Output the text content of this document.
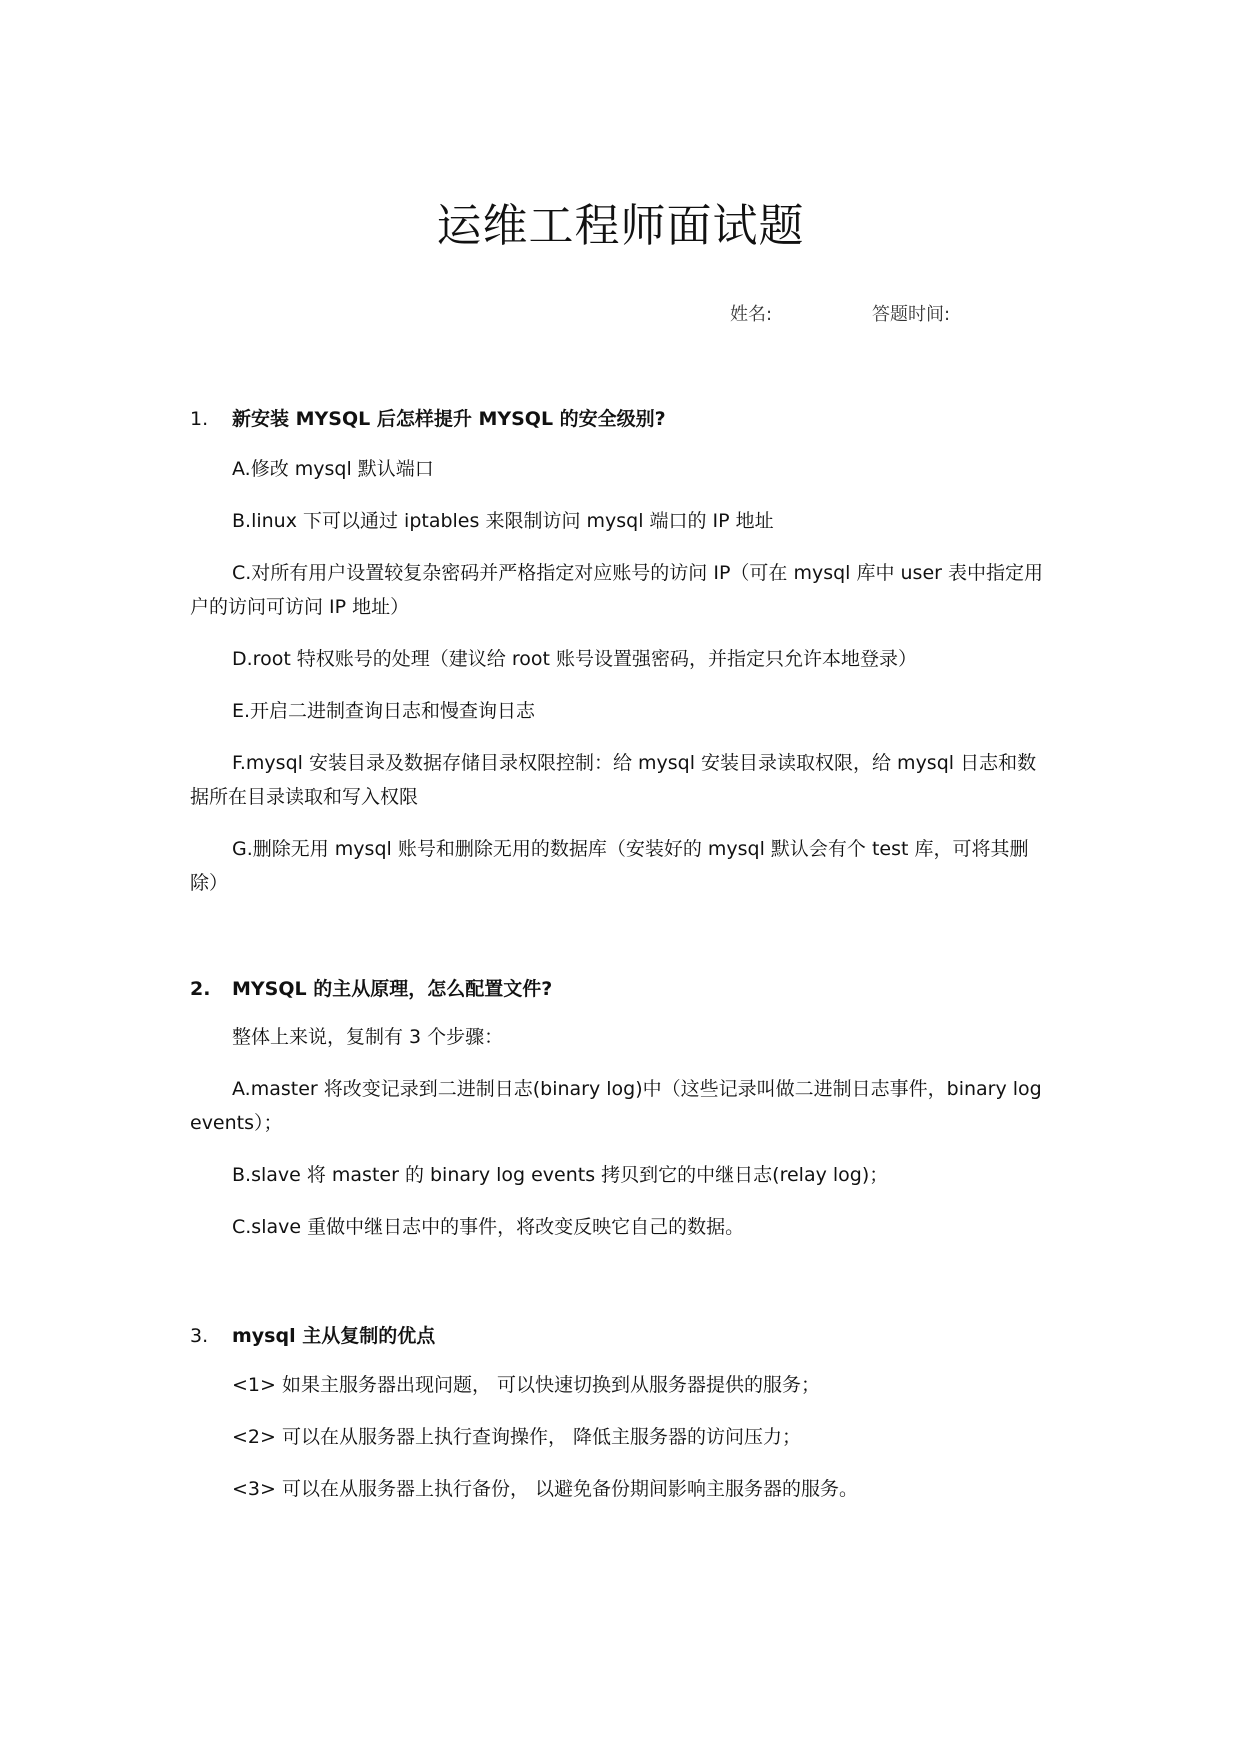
运维工程师面试题
姓名:	答题时间:
1. 新安装 MYSQL 后怎样提升 MYSQL 的安全级别?
A.修改 mysql 默认端口
B.linux 下可以通过 iptables 来限制访问 mysql 端口的 IP 地址
C.对所有用户设置较复杂密码并严格指定对应账号的访问 IP（可在 mysql 库中 user 表中指定用户的访问可访问 IP 地址）
D.root 特权账号的处理（建议给 root 账号设置强密码，并指定只允许本地登录）
E.开启二进制查询日志和慢查询日志
F.mysql 安装目录及数据存储目录权限控制：给 mysql 安装目录读取权限，给 mysql 日志和数据所在目录读取和写入权限
G.删除无用 mysql 账号和删除无用的数据库（安装好的 mysql 默认会有个 test 库，可将其删除）
2. MYSQL 的主从原理，怎么配置文件?
整体上来说，复制有 3 个步骤：
A.master 将改变记录到二进制日志(binary log)中（这些记录叫做二进制日志事件，binary log events）；
B.slave 将 master 的 binary log events 拷贝到它的中继日志(relay log)；
C.slave 重做中继日志中的事件，将改变反映它自己的数据。
3. mysql 主从复制的优点
<1> 如果主服务器出现问题， 可以快速切换到从服务器提供的服务；
<2> 可以在从服务器上执行查询操作， 降低主服务器的访问压力；
<3> 可以在从服务器上执行备份， 以避免备份期间影响主服务器的服务。
